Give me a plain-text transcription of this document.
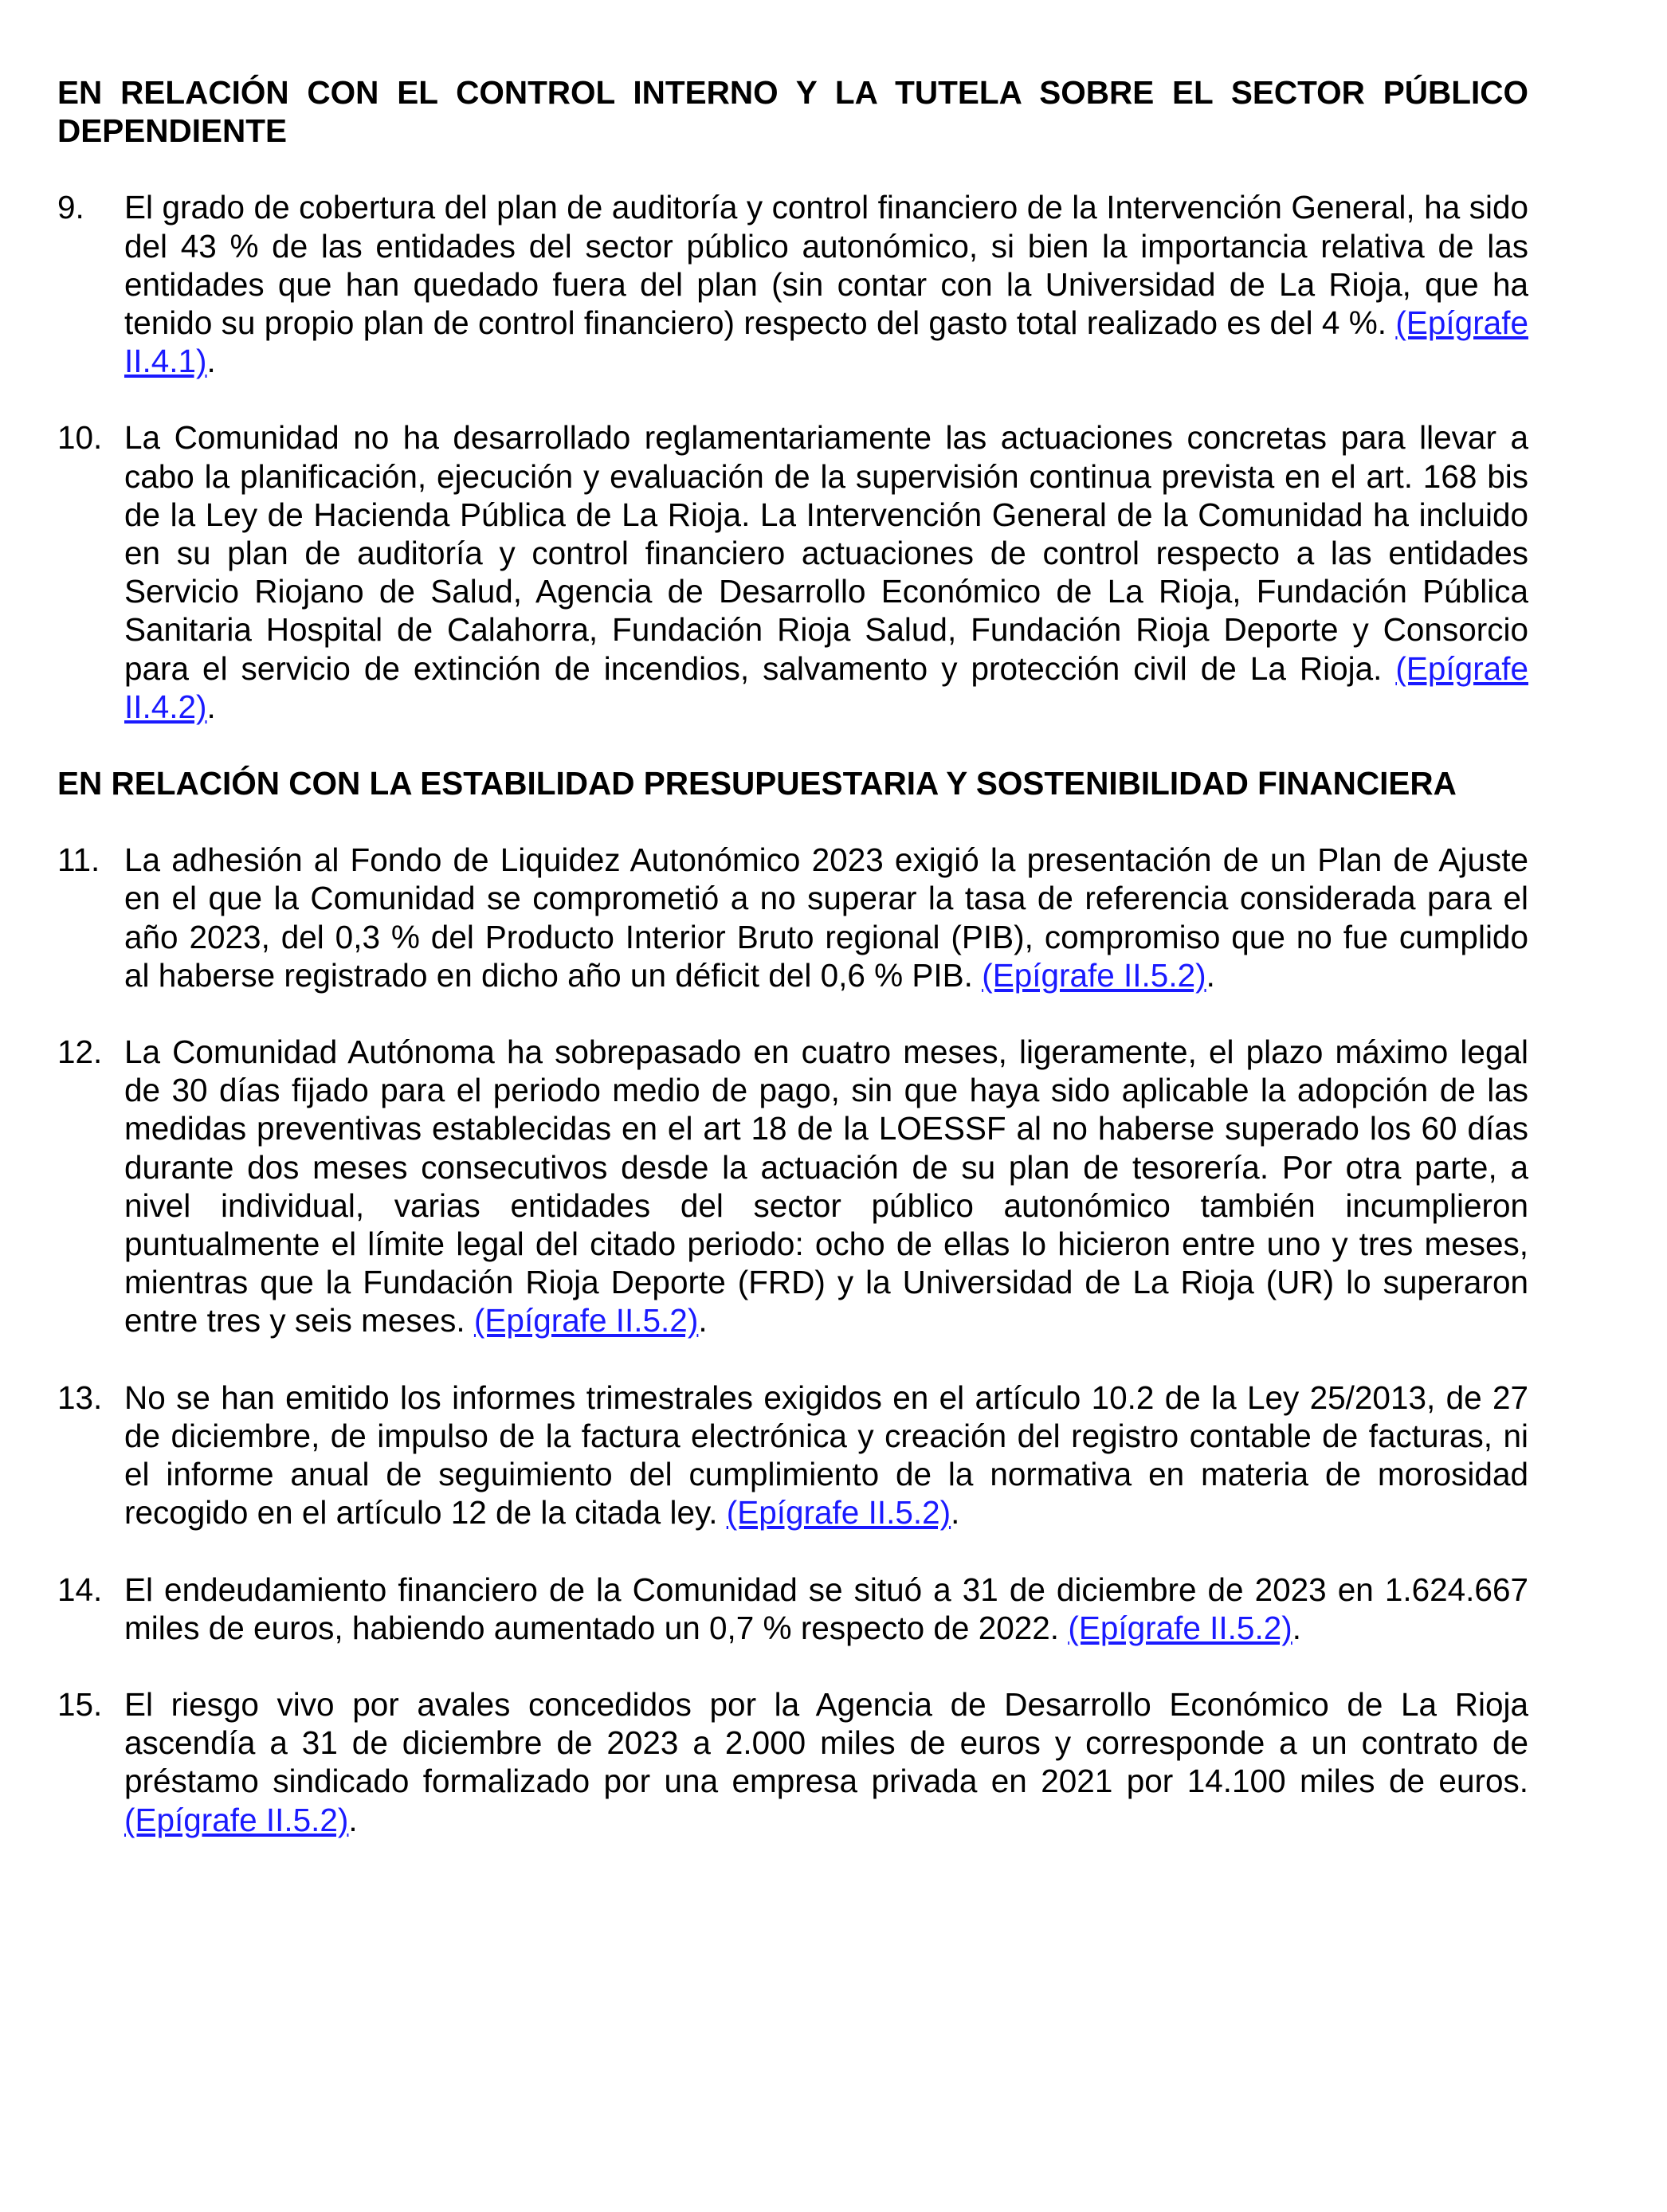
EN RELACIÓN CON EL CONTROL INTERNO Y LA TUTELA SOBRE EL SECTOR PÚBLICO DEPENDIENTE
9.	El grado de cobertura del plan de auditoría y control financiero de la Intervención General, ha sido del 43 % de las entidades del sector público autonómico, si bien la importancia relativa de las entidades que han quedado fuera del plan (sin contar con la Universidad de La Rioja, que ha tenido su propio plan de control financiero) respecto del gasto total realizado es del 4 %. (Epígrafe II.4.1).
10. La Comunidad no ha desarrollado reglamentariamente las actuaciones concretas para llevar a cabo la planificación, ejecución y evaluación de la supervisión continua prevista en el art. 168 bis de la Ley de Hacienda Pública de La Rioja. La Intervención General de la Comunidad ha incluido en su plan de auditoría y control financiero actuaciones de control respecto a las entidades Servicio Riojano de Salud, Agencia de Desarrollo Económico de La Rioja, Fundación Pública Sanitaria Hospital de Calahorra, Fundación Rioja Salud, Fundación Rioja Deporte y Consorcio para el servicio de extinción de incendios, salvamento y protección civil de La Rioja. (Epígrafe II.4.2).
EN RELACIÓN CON LA ESTABILIDAD PRESUPUESTARIA Y SOSTENIBILIDAD FINANCIERA
11. La adhesión al Fondo de Liquidez Autonómico 2023 exigió la presentación de un Plan de Ajuste en el que la Comunidad se comprometió a no superar la tasa de referencia considerada para el año 2023, del 0,3 % del Producto Interior Bruto regional (PIB), compromiso que no fue cumplido al haberse registrado en dicho año un déficit del 0,6 % PIB. (Epígrafe II.5.2).
12. La Comunidad Autónoma ha sobrepasado en cuatro meses, ligeramente, el plazo máximo legal de 30 días fijado para el periodo medio de pago, sin que haya sido aplicable la adopción de las medidas preventivas establecidas en el art 18 de la LOESSF al no haberse superado los 60 días durante dos meses consecutivos desde la actuación de su plan de tesorería. Por otra parte, a nivel individual, varias entidades del sector público autonómico también incumplieron puntualmente el límite legal del citado periodo: ocho de ellas lo hicieron entre uno y tres meses, mientras que la Fundación Rioja Deporte (FRD) y la Universidad de La Rioja (UR) lo superaron entre tres y seis meses. (Epígrafe II.5.2).
13. No se han emitido los informes trimestrales exigidos en el artículo 10.2 de la Ley 25/2013, de 27 de diciembre, de impulso de la factura electrónica y creación del registro contable de facturas, ni el informe anual de seguimiento del cumplimiento de la normativa en materia de morosidad recogido en el artículo 12 de la citada ley. (Epígrafe II.5.2).
14. El endeudamiento financiero de la Comunidad se situó a 31 de diciembre de 2023 en 1.624.667 miles de euros, habiendo aumentado un 0,7 % respecto de 2022. (Epígrafe II.5.2).
15. El riesgo vivo por avales concedidos por la Agencia de Desarrollo Económico de La Rioja ascendía a 31 de diciembre de 2023 a 2.000 miles de euros y corresponde a un contrato de préstamo sindicado formalizado por una empresa privada en 2021 por 14.100 miles de euros. (Epígrafe II.5.2).
